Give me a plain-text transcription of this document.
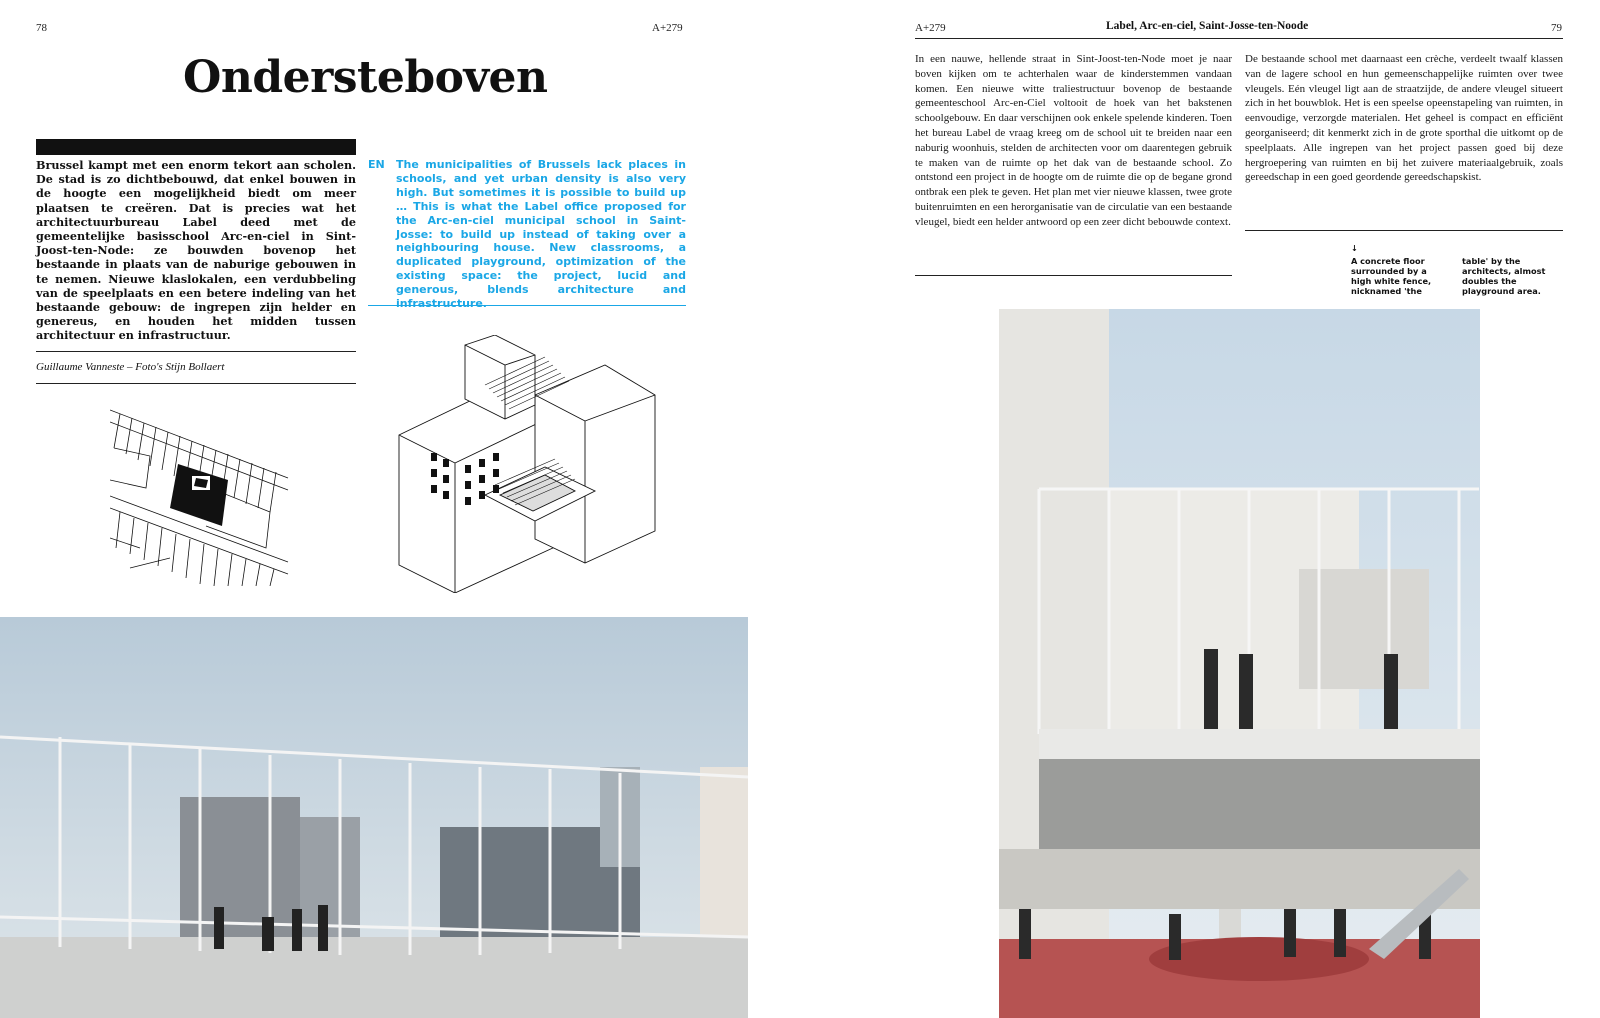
78	A+279
Ondersteboven

Brussel kampt met een enorm tekort aan scholen. De stad is zo dichtbebouwd, dat enkel bouwen in de hoogte een mogelijkheid biedt om meer plaatsen te creëren. Dat is precies wat het architectuurbureau Label deed met de gemeentelijke basisschool Arc-en-ciel in Sint-Joost-ten-Node: ze bouwden bovenop het bestaande in plaats van de naburige gebouwen in te nemen. Nieuwe klaslokalen, een verdubbeling van de speelplaats en een betere indeling van het bestaande gebouw: de ingrepen zijn helder en genereus, en houden het midden tussen architectuur en infrastructuur.

Guillaume Vanneste – Foto's Stijn Bollaert
EN The municipalities of Brussels lack places in schools, and yet urban density is also very high. But sometimes it is possible to build up … This is what the Label office proposed for the Arc-en-ciel municipal school in Saint-Josse: to build up instead of taking over a neighbouring house. New classrooms, a duplicated playground, optimization of the existing space: the project, lucid and generous, blends architecture and infrastructure.

A+279	Label, Arc-en-ciel, Saint-Josse-ten-Noode	79

In een nauwe, hellende straat in Sint-Joost-ten-Node moet je naar boven kijken om te achterhalen waar de kinderstemmen vandaan komen. Een nieuwe witte traliestructuur bovenop de bestaande gemeenteschool Arc-en-Ciel voltooit de hoek van het bakstenen schoolgebouw. En daar verschijnen ook enkele spelende kinderen. Toen het bureau Label de vraag kreeg om de school uit te breiden naar een naburig woonhuis, stelden de architecten voor om daarentegen gebruik te maken van de ruimte op het dak van de bestaande school. Zo ontstond een project in de hoogte om de ruimte die op de begane grond ontbrak een plek te geven. Het plan met vier nieuwe klassen, twee grote buitenruimten en een herorganisatie van de circulatie van een bestaande vleugel, biedt een helder antwoord op een zeer dicht bebouwde context.

De bestaande school met daarnaast een crèche, verdeelt twaalf klassen van de lagere school en hun gemeenschappelijke ruimten over twee vleugels. Eén vleugel ligt aan de straatzijde, de andere vleugel situeert zich in het bouwblok. Het is een speelse opeenstapeling van ruimten, in eenvoudige, verzorgde materialen. Het geheel is compact en efficiënt georganiseerd; dit kenmerkt zich in de grote sporthal die uitkomt op de speelplaats. Alle ingrepen van het project passen goed bij deze hergroepering van ruimten en bij het zuivere materiaalgebruik, zoals gereedschap in een goed geordende gereedschapskist.

↓

A concrete floor surrounded by a high white fence, nicknamed 'the

table' by the architects, almost doubles the playground area.
